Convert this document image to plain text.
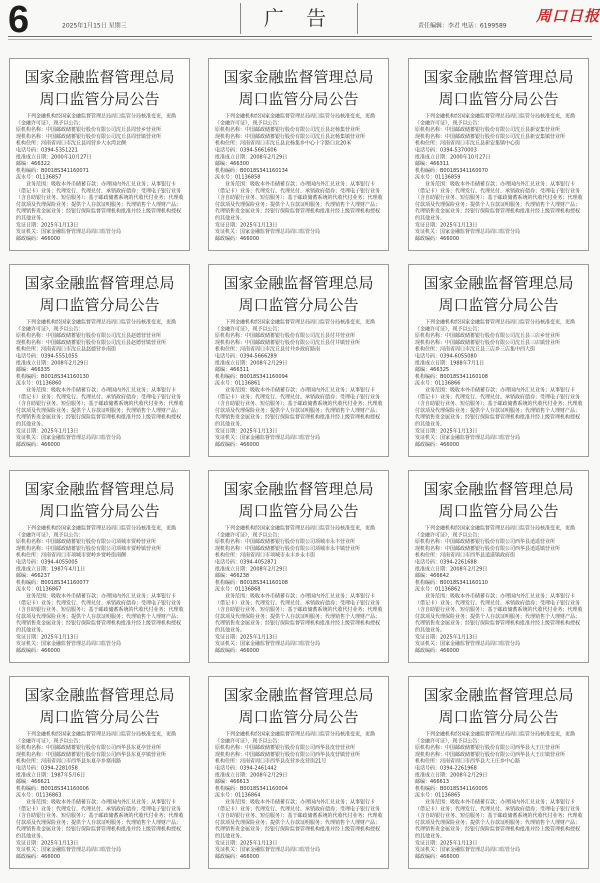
6	2025年1月15日 星期三	广 告	责任编辑：李君 电话：6199589
周口日报
国家金融监督管理总局
周口监管分局公告

下列金融机构经国家金融监督管理总局周口监管分局核准变更，更换《金融许可证》，现予以公告：

原机构名称：中国邮政储蓄银行股份有限公司沈丘县周营乡营业所

现机构名称：中国邮政储蓄银行股份有限公司沈丘县周营镇营业所

机构住所：河南省周口市沈丘县周营乡大水湾北侧

电话号码：0394-5351221

批准成立日期：2000年10月27日

邮编：466322

机构编码：B0018S341160071

流水号：01136857

业务范围：吸收本外币储蓄存款；办理国内外汇兑业务；从事银行卡（借记卡）业务；代理发行、代理兑付、承销政府债券；受理电子银行业务（含自助银行业务、短信服务）；基于邮政储蓄系统的代收代付业务；代理收付款项及代理保险业务；提供个人存款证明服务；代理销售个人理财产品；代理销售贵金属业务；经银行保险监督管理机构批准并经上级管理机构授权的其他业务。

发证日期：2025年1月13日

发证机关：国家金融监督管理总局周口监管分局

邮政编码：466000

国家金融监督管理总局
周口监管分局公告

下列金融机构经国家金融监督管理总局周口监管分局核准变更，更换《金融许可证》，现予以公告：

原机构名称：中国邮政储蓄银行股份有限公司沈丘县北杨集营业所

现机构名称：中国邮政储蓄银行股份有限公司沈丘县北杨集镇营业所

机构住所：河南省周口市沈丘县北杨集乡中心十字路口北20米

电话号码：0394-5661606

批准成立日期：2008年2月29日

邮编：466300

机构编码：B0018S341160134

流水号：01136858

业务范围：吸收本外币储蓄存款；办理国内外汇兑业务；从事银行卡（借记卡）业务；代理发行、代理兑付、承销政府债券；受理电子银行业务（含自助银行业务、短信服务）；基于邮政储蓄系统的代收代付业务；代理收付款项及代理保险业务；提供个人存款证明服务；代理销售个人理财产品；代理销售贵金属业务；经银行保险监督管理机构批准并经上级管理机构授权的其他业务。

发证日期：2025年1月13日

发证机关：国家金融监督管理总局周口监管分局

邮政编码：466000

国家金融监督管理总局
周口监管分局公告

下列金融机构经国家金融监督管理总局周口监管分局核准变更，更换《金融许可证》，现予以公告：

原机构名称：中国邮政储蓄银行股份有限公司沈丘县新安集营业所

现机构名称：中国邮政储蓄银行股份有限公司沈丘县新安集镇营业所

机构住所：河南省周口市沈丘县新安集镇中心街

电话号码：0394-5370003

批准成立日期：2000年10月27日

邮编：466311

机构编码：B0018S341160070

流水号：01136859

业务范围：吸收本外币储蓄存款；办理国内外汇兑业务；从事银行卡（借记卡）业务；代理发行、代理兑付、承销政府债券；受理电子银行业务（含自助银行业务、短信服务）；基于邮政储蓄系统的代收代付业务；代理收付款项及代理保险业务；提供个人存款证明服务；代理销售个人理财产品；代理销售贵金属业务；经银行保险监督管理机构批准并经上级管理机构授权的其他业务。

发证日期：2025年1月13日

发证机关：国家金融监督管理总局周口监管分局

邮政编码：466000

国家金融监督管理总局
周口监管分局公告

下列金融机构经国家金融监督管理总局周口监管分局核准变更，更换《金融许可证》，现予以公告：

原机构名称：中国邮政储蓄银行股份有限公司沈丘县赵德营营业所

现机构名称：中国邮政储蓄银行股份有限公司沈丘县赵德营镇营业所

机构住所：河南省周口市沈丘县赵德营乡南街

电话号码：0394-5551055

批准成立日期：2008年2月29日

邮编：466335

机构编码：B0018S341160130

流水号：01136860

业务范围：吸收本外币储蓄存款；办理国内外汇兑业务；从事银行卡（借记卡）业务；代理发行、代理兑付、承销政府债券；受理电子银行业务（含自助银行业务、短信服务）；基于邮政储蓄系统的代收代付业务；代理收付款项及代理保险业务；提供个人存款证明服务；代理销售个人理财产品；代理销售贵金属业务；经银行保险监督管理机构批准并经上级管理机构授权的其他业务。

发证日期：2025年1月13日

发证机关：国家金融监督管理总局周口监管分局

邮政编码：466000

国家金融监督管理总局
周口监管分局公告

下列金融机构经国家金融监督管理总局周口监管分局核准变更，更换《金融许可证》，现予以公告：

原机构名称：中国邮政储蓄银行股份有限公司沈丘县付井营业所

现机构名称：中国邮政储蓄银行股份有限公司沈丘县付井镇营业所

机构住所：河南省周口市沈丘县付井乡政府路南

电话号码：0394-5666289

批准成立日期：2008年2月29日

邮编：466311

机构编码：B0018S341160094

流水号：01136861

业务范围：吸收本外币储蓄存款；办理国内外汇兑业务；从事银行卡（借记卡）业务；代理发行、代理兑付、承销政府债券；受理电子银行业务（含自助银行业务、短信服务）；基于邮政储蓄系统的代收代付业务；代理收付款项及代理保险业务；提供个人存款证明服务；代理销售个人理财产品；代理销售贵金属业务；经银行保险监督管理机构批准并经上级管理机构授权的其他业务。

发证日期：2025年1月13日

发证机关：国家金融监督管理总局周口监管分局

邮政编码：466000

国家金融监督管理总局
周口监管分局公告

下列金融机构经国家金融监督管理总局周口监管分局核准变更，更换《金融许可证》，现予以公告：

原机构名称：中国邮政储蓄银行股份有限公司沈丘县三店乡营业所

现机构名称：中国邮政储蓄银行股份有限公司沈丘县三店镇营业所

机构住所：河南省周口市沈丘县三店乡三店集中西大街

电话号码：0394-6055080

批准成立日期：1988年7月1日

邮编：466325

机构编码：B0018S341160108

流水号：01136866

业务范围：吸收本外币储蓄存款；办理国内外汇兑业务；从事银行卡（借记卡）业务；代理发行、代理兑付、承销政府债券；受理电子银行业务（含自助银行业务、短信服务）；基于邮政储蓄系统的代收代付业务；代理收付款项及代理保险业务；提供个人存款证明服务；代理销售个人理财产品；代理销售贵金属业务；经银行保险监督管理机构批准并经上级管理机构授权的其他业务。

发证日期：2025年1月13日

发证机关：国家金融监督管理总局周口监管分局

邮政编码：466000

国家金融监督管理总局
周口监管分局公告

下列金融机构经国家金融监督管理总局周口监管分局核准变更，更换《金融许可证》，现予以公告：

原机构名称：中国邮政储蓄银行股份有限公司项城市贾岭营业所

现机构名称：中国邮政储蓄银行股份有限公司项城市贾岭镇营业所

机构住所：河南省周口市项城市贾岭乡贾岭街南侧

电话号码：0394-4055005

批准成立日期：1987年4月1日

邮编：466237

机构编码：B0018S341160077

流水号：01136867

业务范围：吸收本外币储蓄存款；办理国内外汇兑业务；从事银行卡（借记卡）业务；代理发行、代理兑付、承销政府债券；受理电子银行业务（含自助银行业务、短信服务）；基于邮政储蓄系统的代收代付业务；代理收付款项及代理保险业务；提供个人存款证明服务；代理销售个人理财产品；代理销售贵金属业务；经银行保险监督管理机构批准并经上级管理机构授权的其他业务。

发证日期：2025年1月13日

发证机关：国家金融监督管理总局周口监管分局

邮政编码：466000

国家金融监督管理总局
周口监管分局公告

下列金融机构经国家金融监督管理总局周口监管分局核准变更，更换《金融许可证》，现予以公告：

原机构名称：中国邮政储蓄银行股份有限公司项城市永丰营业所

现机构名称：中国邮政储蓄银行股份有限公司项城市永丰镇营业所

机构住所：河南省周口市项城市永丰乡永丰街

电话号码：0394-4052871

批准成立日期：2008年2月29日

邮编：466238

机构编码：B0018S341160108

流水号：01136868

业务范围：吸收本外币储蓄存款；办理国内外汇兑业务；从事银行卡（借记卡）业务；代理发行、代理兑付、承销政府债券；受理电子银行业务（含自助银行业务、短信服务）；基于邮政储蓄系统的代收代付业务；代理收付款项及代理保险业务；提供个人存款证明服务；代理销售个人理财产品；代理销售贵金属业务；经银行保险监督管理机构批准并经上级管理机构授权的其他业务。

发证日期：2025年1月13日

发证机关：国家金融监督管理总局周口监管分局

邮政编码：466000

国家金融监督管理总局
周口监管分局公告

下列金融机构经国家金融监督管理总局周口监管分局核准变更，更换《金融许可证》，现予以公告：

原机构名称：中国邮政储蓄银行股份有限公司西华县逍遥营业所

现机构名称：中国邮政储蓄银行股份有限公司西华县逍遥镇营业所

机构住所：河南省周口市西华县逍遥镇政府街

电话号码：0394-2261688

批准成立日期：2008年2月29日

邮编：466642

机构编码：B0018S341160110

流水号：01136862

业务范围：吸收本外币储蓄存款；办理国内外汇兑业务；从事银行卡（借记卡）业务；代理发行、代理兑付、承销政府债券；受理电子银行业务（含自助银行业务、短信服务）；基于邮政储蓄系统的代收代付业务；代理收付款项及代理保险业务；提供个人存款证明服务；代理销售个人理财产品；代理销售贵金属业务；经银行保险监督管理机构批准并经上级管理机构授权的其他业务。

发证日期：2025年1月13日

发证机关：国家金融监督管理总局周口监管分局

邮政编码：466000

国家金融监督管理总局
周口监管分局公告

下列金融机构经国家金融监督管理总局周口监管分局核准变更，更换《金融许可证》，现予以公告：

原机构名称：中国邮政储蓄银行股份有限公司西华县东夏亭营业所

现机构名称：中国邮政储蓄银行股份有限公司西华县东夏亭镇营业所

机构住所：河南省周口市西华县东夏亭乡寨南路

电话号码：0394-2281058

批准成立日期：1987年5月6日

邮编：466621

机构编码：B0018S341160006

流水号：01136863

业务范围：吸收本外币储蓄存款；办理国内外汇兑业务；从事银行卡（借记卡）业务；代理发行、代理兑付、承销政府债券；受理电子银行业务（含自助银行业务、短信服务）；基于邮政储蓄系统的代收代付业务；代理收付款项及代理保险业务；提供个人存款证明服务；代理销售个人理财产品；代理销售贵金属业务；经银行保险监督管理机构批准并经上级管理机构授权的其他业务。

发证日期：2025年1月13日

发证机关：国家金融监督管理总局周口监管分局

邮政编码：466000

国家金融监督管理总局
周口监管分局公告

下列金融机构经国家金融监督管理总局周口监管分局核准变更，更换《金融许可证》，现予以公告：

原机构名称：中国邮政储蓄银行股份有限公司西华县皮营营业所

现机构名称：中国邮政储蓄银行股份有限公司西华县皮营镇营业所

机构住所：河南省周口市西华县皮营乡皮营街21号

电话号码：0394-2461442

批准成立日期：2008年2月29日

邮编：466613

机构编码：B0018S341160004

流水号：01136864

业务范围：吸收本外币储蓄存款；办理国内外汇兑业务；从事银行卡（借记卡）业务；代理发行、代理兑付、承销政府债券；受理电子银行业务（含自助银行业务、短信服务）；基于邮政储蓄系统的代收代付业务；代理收付款项及代理保险业务；提供个人存款证明服务；代理销售个人理财产品；代理销售贵金属业务；经银行保险监督管理机构批准并经上级管理机构授权的其他业务。

发证日期：2025年1月13日

发证机关：国家金融监督管理总局周口监管分局

邮政编码：466000

国家金融监督管理总局
周口监管分局公告

下列金融机构经国家金融监督管理总局周口监管分局核准变更，更换《金融许可证》，现予以公告：

原机构名称：中国邮政储蓄银行股份有限公司西华县大王庄营业所

现机构名称：中国邮政储蓄银行股份有限公司西华县大王庄镇营业所

机构住所：河南省周口市西华县大王庄乡中心路

电话号码：0394-2261968

批准成立日期：2008年2月29日

邮编：466613

机构编码：B0018S341160005

流水号：01136865

业务范围：吸收本外币储蓄存款；办理国内外汇兑业务；从事银行卡（借记卡）业务；代理发行、代理兑付、承销政府债券；受理电子银行业务（含自助银行业务、短信服务）；基于邮政储蓄系统的代收代付业务；代理收付款项及代理保险业务；提供个人存款证明服务；代理销售个人理财产品；代理销售贵金属业务；经银行保险监督管理机构批准并经上级管理机构授权的其他业务。

发证日期：2025年1月13日

发证机关：国家金融监督管理总局周口监管分局

邮政编码：466000
